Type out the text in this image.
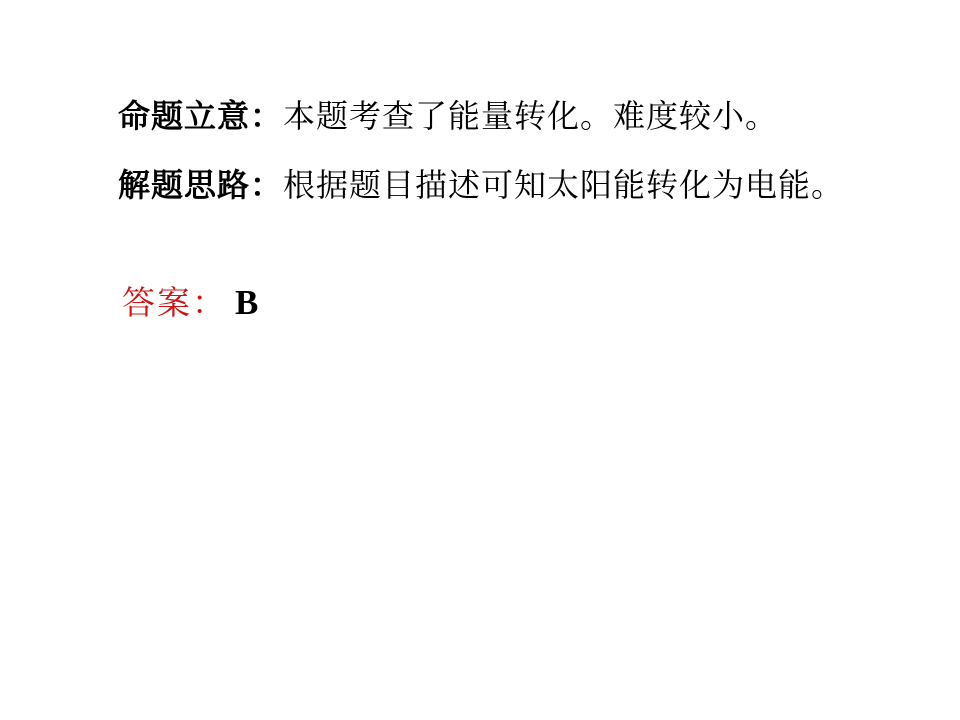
命题立意：本题考查了能量转化。难度较小。

解题思路：根据题目描述可知太阳能转化为电能。

答案： B
